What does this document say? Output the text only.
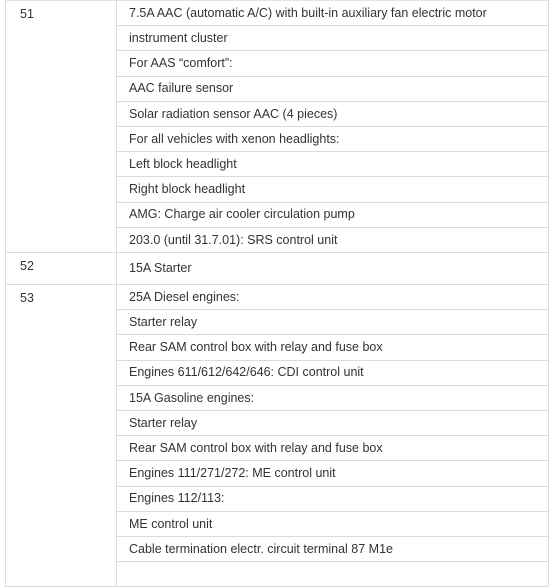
51	7.5A AAC (automatic A/C) with built-in auxiliary fan electric motor
	instrument cluster
	For AAS “comfort”:
	AAC failure sensor
	Solar radiation sensor AAC (4 pieces)
	For all vehicles with xenon headlights:
	Left block headlight
	Right block headlight
	AMG: Charge air cooler circulation pump
	203.0 (until 31.7.01): SRS control unit
52	15A Starter
53	25A Diesel engines:
	Starter relay
	Rear SAM control box with relay and fuse box
	Engines 611/612/642/646: CDI control unit
	15A Gasoline engines:
	Starter relay
	Rear SAM control box with relay and fuse box
	Engines 111/271/272: ME control unit
	Engines 112/113:
	ME control unit
	Cable termination electr. circuit terminal 87 M1e
